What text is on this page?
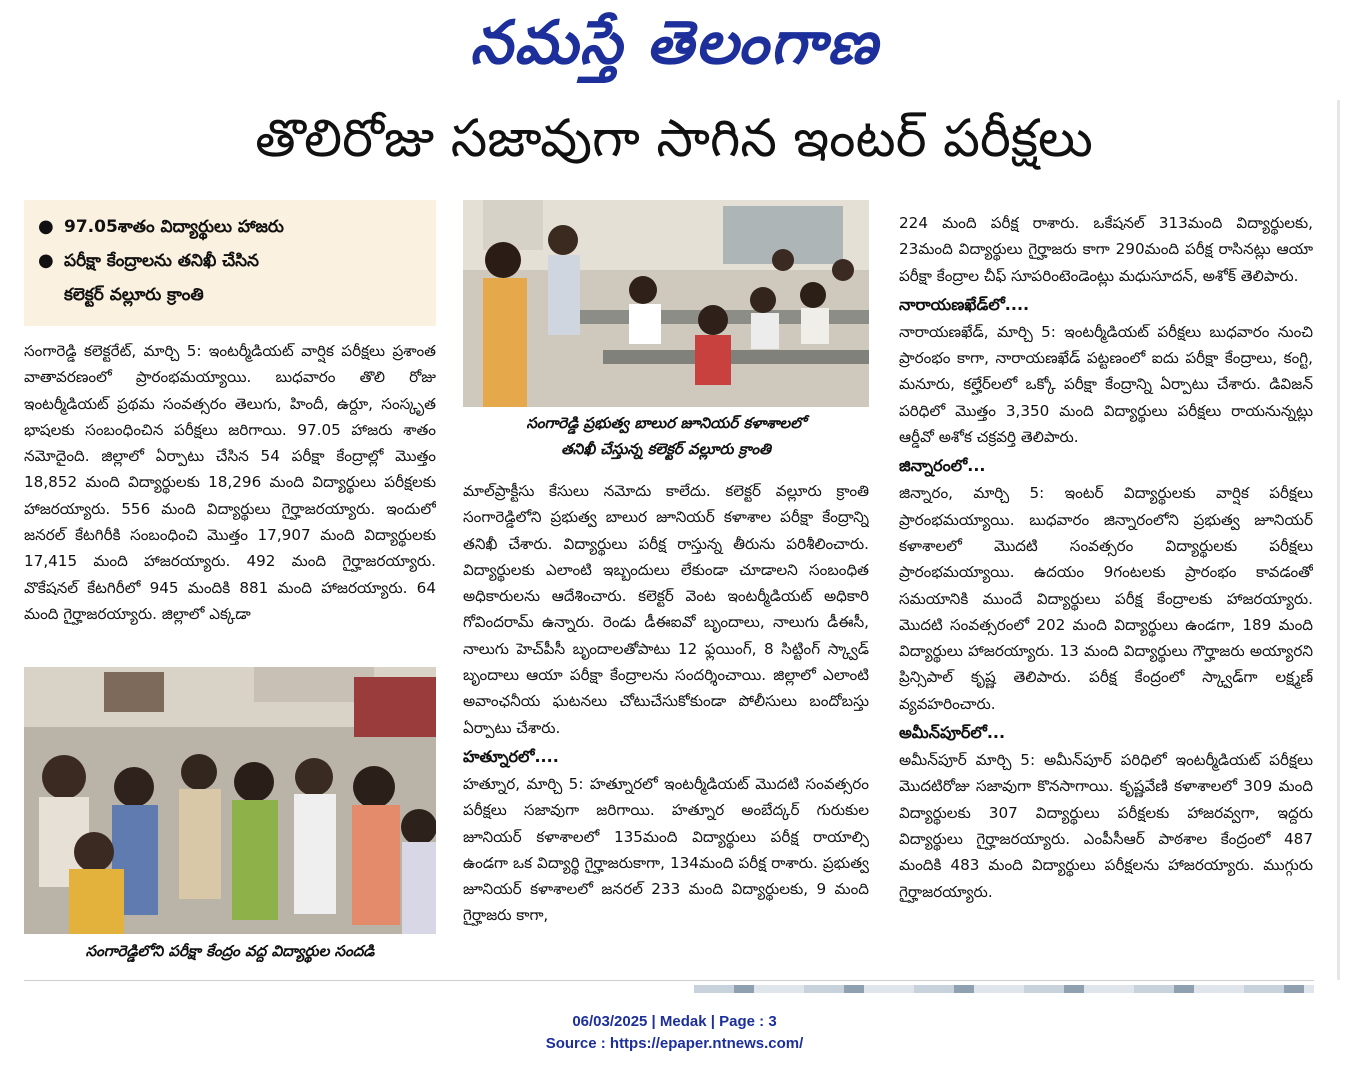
నమస్తే తెలంగాణ
తొలిరోజు సజావుగా సాగిన ఇంటర్ పరీక్షలు
● 97.05శాతం విద్యార్థులు హాజరు
● పరీక్షా కేంద్రాలను తనిఖీ చేసిన
కలెక్టర్ వల్లూరు క్రాంతి

సంగారెడ్డి కలెక్టరేట్, మార్చి 5: ఇంటర్మీడియట్ వార్షిక పరీక్షలు ప్రశాంత వాతావరణంలో ప్రారంభమయ్యాయి. బుధవారం తొలి రోజు ఇంటర్మీడియట్ ప్రథమ సంవత్సరం తెలుగు, హిందీ, ఉర్దూ, సంస్కృత భాషలకు సంబంధించిన పరీక్షలు జరిగాయి. 97.05 హాజరు శాతం నమోదైంది. జిల్లాలో ఏర్పాటు చేసిన 54 పరీక్షా కేంద్రాల్లో మొత్తం 18,852 మంది విద్యార్థులకు 18,296 మంది విద్యార్థులు పరీక్షలకు హాజరయ్యారు. 556 మంది విద్యార్థులు గైర్హాజరయ్యారు. ఇందులో జనరల్ కేటగిరీకి సంబంధించి మొత్తం 17,907 మంది విద్యార్థులకు 17,415 మంది హాజరయ్యారు. 492 మంది గైర్హాజరయ్యారు. వొకేషనల్ కేటగిరీలో 945 మందికి 881 మంది హాజరయ్యారు. 64 మంది గైర్హాజరయ్యారు. జిల్లాలో ఎక్కడా

సంగారెడ్డిలోని పరీక్షా కేంద్రం వద్ద విద్యార్థుల సందడి
సంగారెడ్డి ప్రభుత్వ బాలుర జూనియర్ కళాశాలలో
తనిఖీ చేస్తున్న కలెక్టర్ వల్లూరు క్రాంతి

మాల్‌ప్రాక్టీసు కేసులు నమోదు కాలేదు. కలెక్టర్ వల్లూరు క్రాంతి సంగారెడ్డిలోని ప్రభుత్వ బాలుర జూనియర్ కళాశాల పరీక్షా కేంద్రాన్ని తనిఖీ చేశారు. విద్యార్థులు పరీక్ష రాస్తున్న తీరును పరిశీలించారు. విద్యార్థులకు ఎలాంటి ఇబ్బందులు లేకుండా చూడాలని సంబంధిత అధికారులను ఆదేశించారు. కలెక్టర్ వెంట ఇంటర్మీడియట్ అధికారి గోవిందరామ్ ఉన్నారు. రెండు డీఈఐవో బృందాలు, నాలుగు డీఈసీ, నాలుగు హెచ్‌పీసీ బృందాలతోపాటు 12 ఫ్లయింగ్, 8 సిట్టింగ్ స్క్వాడ్ బృందాలు ఆయా పరీక్షా కేంద్రాలను సందర్శించాయి. జిల్లాలో ఎలాంటి అవాంఛనీయ ఘటనలు చోటుచేసుకోకుండా పోలీసులు బందోబస్తు ఏర్పాటు చేశారు.

హత్నూరలో....

హత్నూర, మార్చి 5: హత్నూరలో ఇంటర్మీడియట్ మొదటి సంవత్సరం పరీక్షలు సజావుగా జరిగాయి. హత్నూర అంబేద్కర్ గురుకుల జూనియర్ కళాశాలలో 135మంది విద్యార్థులు పరీక్ష రాయాల్సి ఉండగా ఒక విద్యార్థి గైర్హాజరుకాగా, 134మంది పరీక్ష రాశారు. ప్రభుత్వ జూనియర్ కళాశాలలో జనరల్ 233 మంది విద్యార్థులకు, 9 మంది గైర్హాజరు కాగా,

224 మంది పరీక్ష రాశారు. ఒకేషనల్ 313మంది విద్యార్థులకు, 23మంది విద్యార్థులు గైర్హాజరు కాగా 290మంది పరీక్ష రాసినట్లు ఆయా పరీక్షా కేంద్రాల చీఫ్ సూపరింటెండెంట్లు మధుసూదన్, అశోక్ తెలిపారు.

నారాయణఖేడ్‌లో....

నారాయణఖేడ్, మార్చి 5: ఇంటర్మీడియట్ పరీక్షలు బుధవారం నుంచి ప్రారంభం కాగా, నారాయణఖేడ్ పట్టణంలో ఐదు పరీక్షా కేంద్రాలు, కంగ్టి, మనూరు, కల్హేర్‌లలో ఒక్కో పరీక్షా కేంద్రాన్ని ఏర్పాటు చేశారు. డివిజన్ పరిధిలో మొత్తం 3,350 మంది విద్యార్థులు పరీక్షలు రాయనున్నట్లు ఆర్డీవో అశోక చక్రవర్తి తెలిపారు.

జిన్నారంలో...

జిన్నారం, మార్చి 5: ఇంటర్ విద్యార్థులకు వార్షిక పరీక్షలు ప్రారంభమయ్యాయి. బుధవారం జిన్నారంలోని ప్రభుత్వ జూనియర్ కళాశాలలో మొదటి సంవత్సరం విద్యార్థులకు పరీక్షలు ప్రారంభమయ్యాయి. ఉదయం 9గంటలకు ప్రారంభం కావడంతో సమయానికి ముందే విద్యార్థులు పరీక్ష కేంద్రాలకు హాజరయ్యారు. మొదటి సంవత్సరంలో 202 మంది విద్యార్థులు ఉండగా, 189 మంది విద్యార్థులు హాజరయ్యారు. 13 మంది విద్యార్థులు గౌర్హాజరు అయ్యారని ప్రిన్సిపాల్ కృష్ణ తెలిపారు. పరీక్ష కేంద్రంలో స్క్వాడ్‌గా లక్ష్మణ్ వ్యవహరించారు.

అమీన్‌పూర్‌లో...

అమీన్‌పూర్ మార్చి 5: అమీన్‌పూర్ పరిధిలో ఇంటర్మీడియట్ పరీక్షలు మొదటిరోజు సజావుగా కొనసాగాయి. కృష్ణవేణి కళాశాలలో 309 మంది విద్యార్థులకు 307 విద్యార్థులు పరీక్షలకు హాజరవ్వగా, ఇద్దరు విద్యార్థులు గైర్హాజరయ్యారు. ఎంపీసీఆర్ పాఠశాల కేంద్రంలో 487 మందికి 483 మంది విద్యార్థులు పరీక్షలను హాజరయ్యారు. ముగ్గురు గైర్హాజరయ్యారు.

06/03/2025 | Medak | Page : 3
Source : https://epaper.ntnews.com/
